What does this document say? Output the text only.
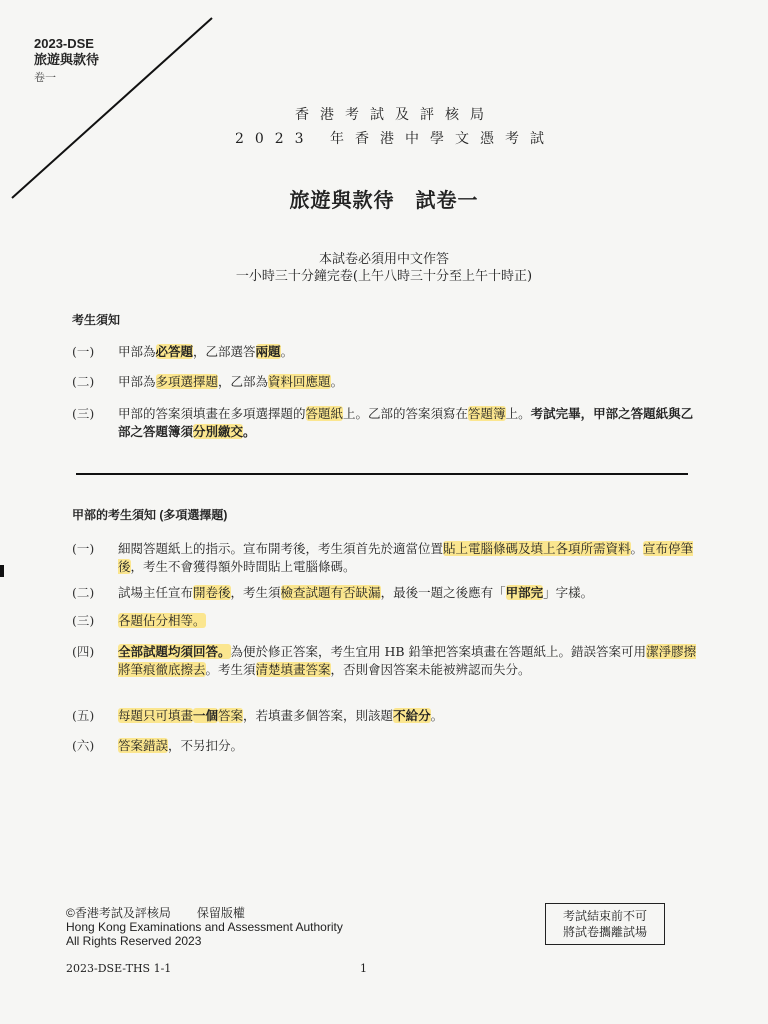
2023-DSE
旅遊與款待
卷一
香港考試及評核局
2023 年香港中學文憑考試
旅遊與款待　試卷一
本試卷必須用中文作答
一小時三十分鐘完卷(上午八時三十分至上午十時正)
考生須知
(一)	甲部為必答題，乙部選答兩題。
(二)	甲部為多項選擇題，乙部為資料回應題。
(三)	甲部的答案須填畫在多項選擇題的答題紙上。乙部的答案須寫在答題簿上。考試完畢，甲部之答題紙與乙部之答題簿須分別繳交。
甲部的考生須知 (多項選擇題)
(一)	細閱答題紙上的指示。宣布開考後，考生須首先於適當位置貼上電腦條碼及填上各項所需資料。宣布停筆後，考生不會獲得額外時間貼上電腦條碼。
(二)	試場主任宣布開卷後，考生須檢查試題有否缺漏，最後一題之後應有「甲部完」字樣。
(三)	各題佔分相等。
(四)	全部試題均須回答。為便於修正答案，考生宜用 HB 鉛筆把答案填畫在答題紙上。錯誤答案可用潔淨膠擦將筆痕徹底擦去。考生須清楚填畫答案，否則會因答案未能被辨認而失分。
(五)	每題只可填畫一個答案，若填畫多個答案，則該題不給分。
(六)	答案錯誤，不另扣分。
©香港考試及評核局 保留版權
Hong Kong Examinations and Assessment Authority
All Rights Reserved 2023
考試結束前不可
將試卷攜離試場
2023-DSE-THS 1-1	1
